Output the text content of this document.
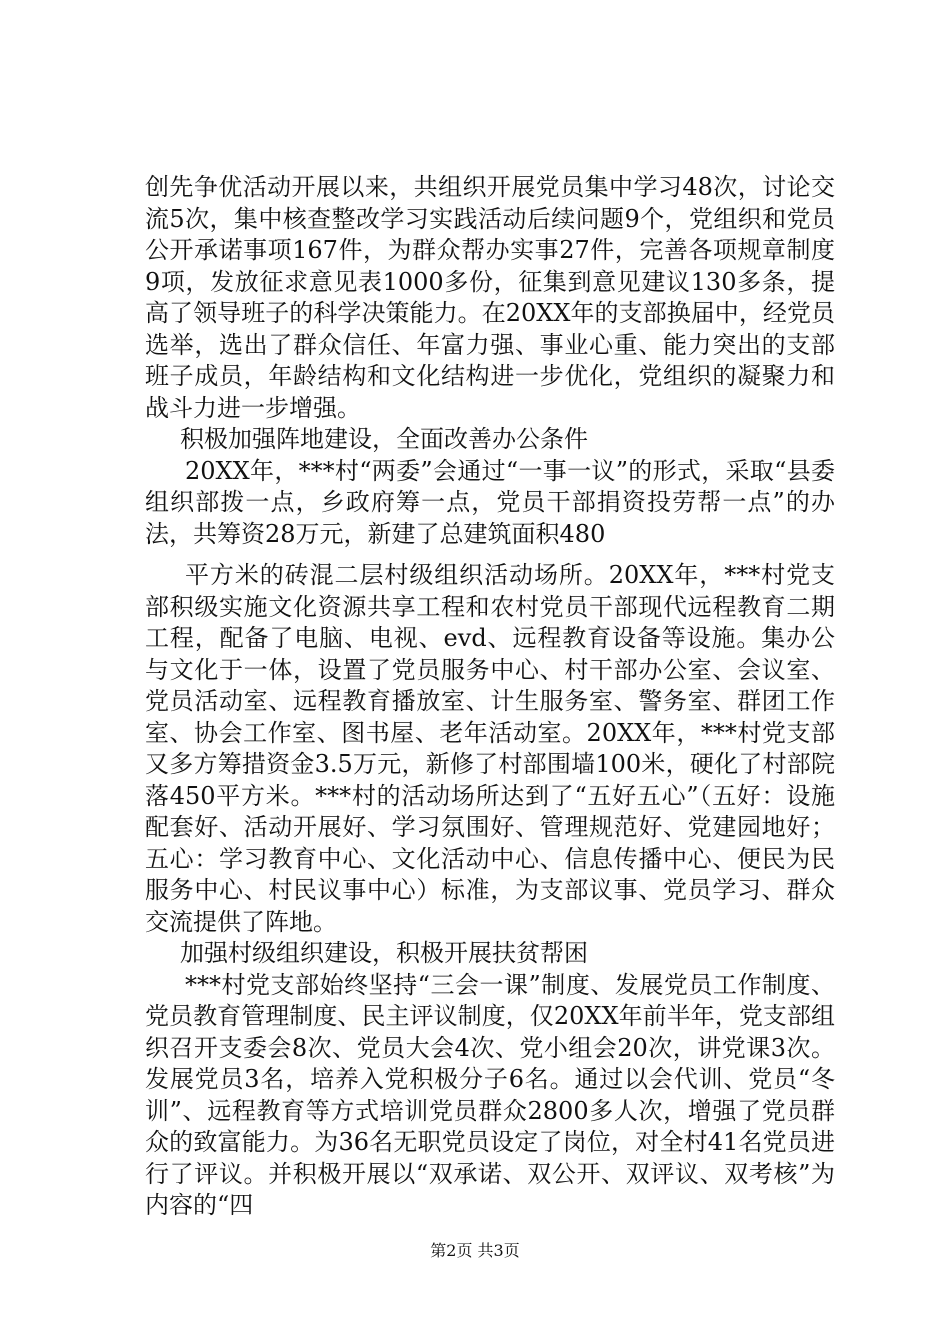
创先争优活动开展以来，共组织开展党员集中学习48次，讨论交流5次，集中核查整改学习实践活动后续问题9个，党组织和党员公开承诺事项167件，为群众帮办实事27件，完善各项规章制度9项，发放征求意见表1000多份，征集到意见建议130多条，提高了领导班子的科学决策能力。在20XX年的支部换届中，经党员选举，选出了群众信任、年富力强、事业心重、能力突出的支部班子成员，年龄结构和文化结构进一步优化，党组织的凝聚力和战斗力进一步增强。

积极加强阵地建设，全面改善办公条件

20XX年，***村“两委”会通过“一事一议”的形式，采取“县委组织部拨一点，乡政府筹一点，党员干部捐资投劳帮一点”的办法，共筹资28万元，新建了总建筑面积480

平方米的砖混二层村级组织活动场所。20XX年，***村党支部积级实施文化资源共享工程和农村党员干部现代远程教育二期工程，配备了电脑、电视、evd、远程教育设备等设施。集办公与文化于一体，设置了党员服务中心、村干部办公室、会议室、党员活动室、远程教育播放室、计生服务室、警务室、群团工作室、协会工作室、图书屋、老年活动室。20XX年，***村党支部又多方筹措资金3.5万元，新修了村部围墙100米，硬化了村部院落450平方米。***村的活动场所达到了“五好五心”（五好：设施配套好、活动开展好、学习氛围好、管理规范好、党建园地好；五心：学习教育中心、文化活动中心、信息传播中心、便民为民服务中心、村民议事中心）标准，为支部议事、党员学习、群众交流提供了阵地。

加强村级组织建设，积极开展扶贫帮困

***村党支部始终坚持“三会一课”制度、发展党员工作制度、党员教育管理制度、民主评议制度，仅20XX年前半年，党支部组织召开支委会8次、党员大会4次、党小组会20次，讲党课3次。发展党员3名，培养入党积极分子6名。通过以会代训、党员“冬训”、远程教育等方式培训党员群众2800多人次，增强了党员群众的致富能力。为36名无职党员设定了岗位，对全村41名党员进行了评议。并积极开展以“双承诺、双公开、双评议、双考核”为内容的“四

第2页 共3页
